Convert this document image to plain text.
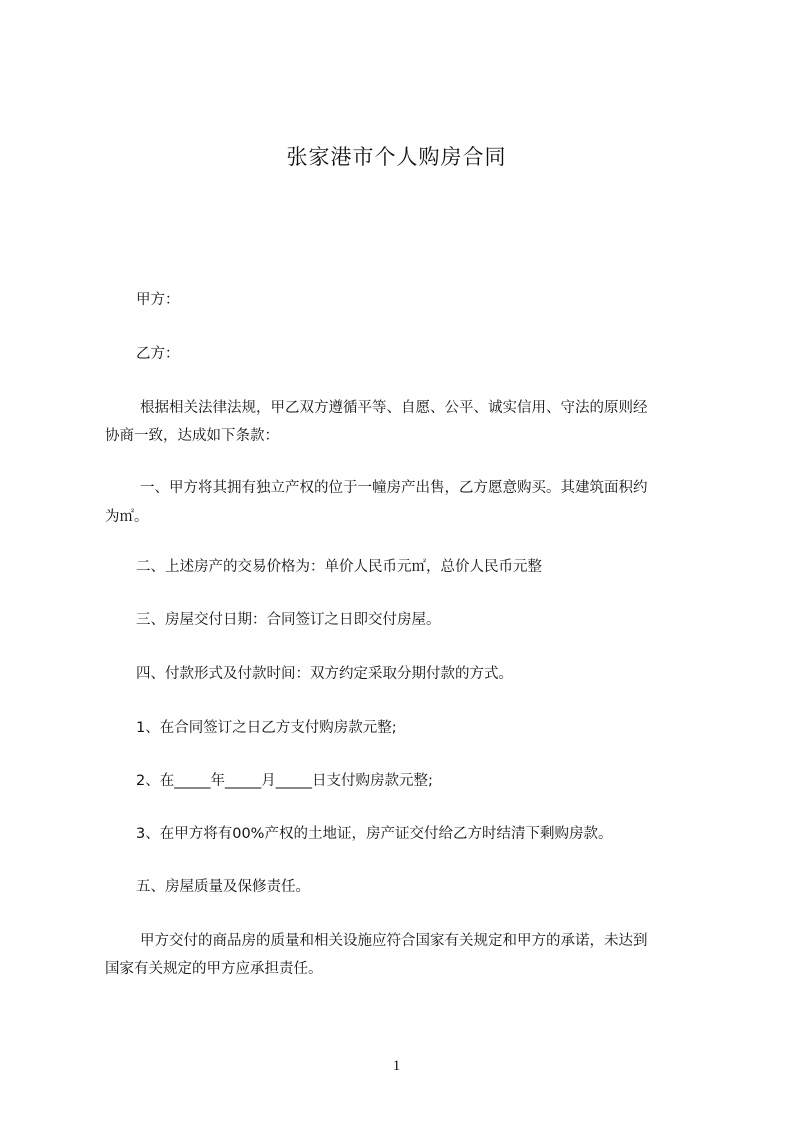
张家港市个人购房合同
甲方：
乙方：
根据相关法律法规，甲乙双方遵循平等、自愿、公平、诚实信用、守法的原则经
协商一致，达成如下条款：
一、甲方将其拥有独立产权的位于一幢房产出售，乙方愿意购买。其建筑面积约
为㎡。
二、上述房产的交易价格为：单价人民币元㎡，总价人民币元整
三、房屋交付日期：合同签订之日即交付房屋。
四、付款形式及付款时间：双方约定采取分期付款的方式。
1、在合同签订之日乙方支付购房款元整;
2、在_____年_____月_____日支付购房款元整;
3、在甲方将有00%产权的土地证，房产证交付给乙方时结清下剩购房款。
五、房屋质量及保修责任。
甲方交付的商品房的质量和相关设施应符合国家有关规定和甲方的承诺，未达到
国家有关规定的甲方应承担责任。
1
